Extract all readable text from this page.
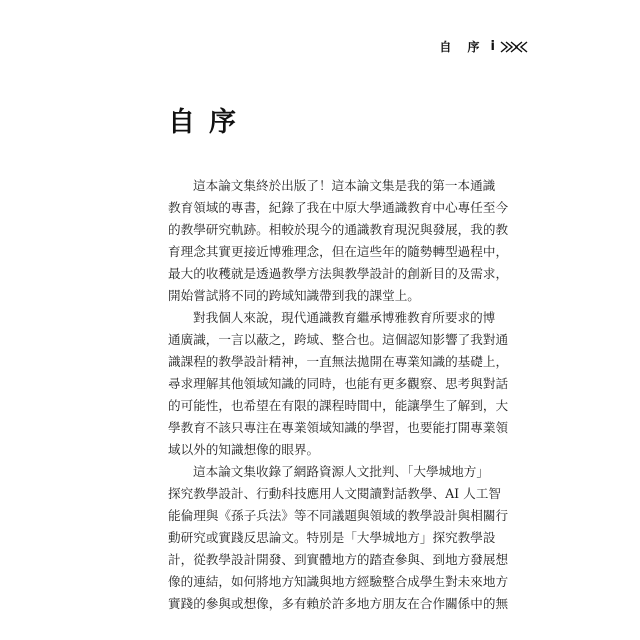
自 序 i
自序
這本論文集終於出版了！這本論文集是我的第一本通識
教育領域的專書，紀錄了我在中原大學通識教育中心專任至今
的教學研究軌跡。相較於現今的通識教育現況與發展，我的教
育理念其實更接近博雅理念，但在這些年的隨勢轉型過程中，
最大的收穫就是透過教學方法與教學設計的創新目的及需求，
開始嘗試將不同的跨域知識帶到我的課堂上。
對我個人來說，現代通識教育繼承博雅教育所要求的博
通廣識，一言以蔽之，跨域、整合也。這個認知影響了我對通
識課程的教學設計精神，一直無法拋開在專業知識的基礎上，
尋求理解其他領域知識的同時，也能有更多觀察、思考與對話
的可能性，也希望在有限的課程時間中，能讓學生了解到，大
學教育不該只專注在專業領域知識的學習，也要能打開專業領
域以外的知識想像的眼界。
這本論文集收錄了網路資源人文批判、「大學城地方」
探究教學設計、行動科技應用人文閱讀對話教學、AI 人工智
能倫理與《孫子兵法》等不同議題與領域的教學設計與相關行
動研究或實踐反思論文。特別是「大學城地方」探究教學設
計，從教學設計開發、到實體地方的踏查參與、到地方發展想
像的連結，如何將地方知識與地方經驗整合成學生對未來地方
實踐的參與或想像，多有賴於許多地方朋友在合作關係中的無
